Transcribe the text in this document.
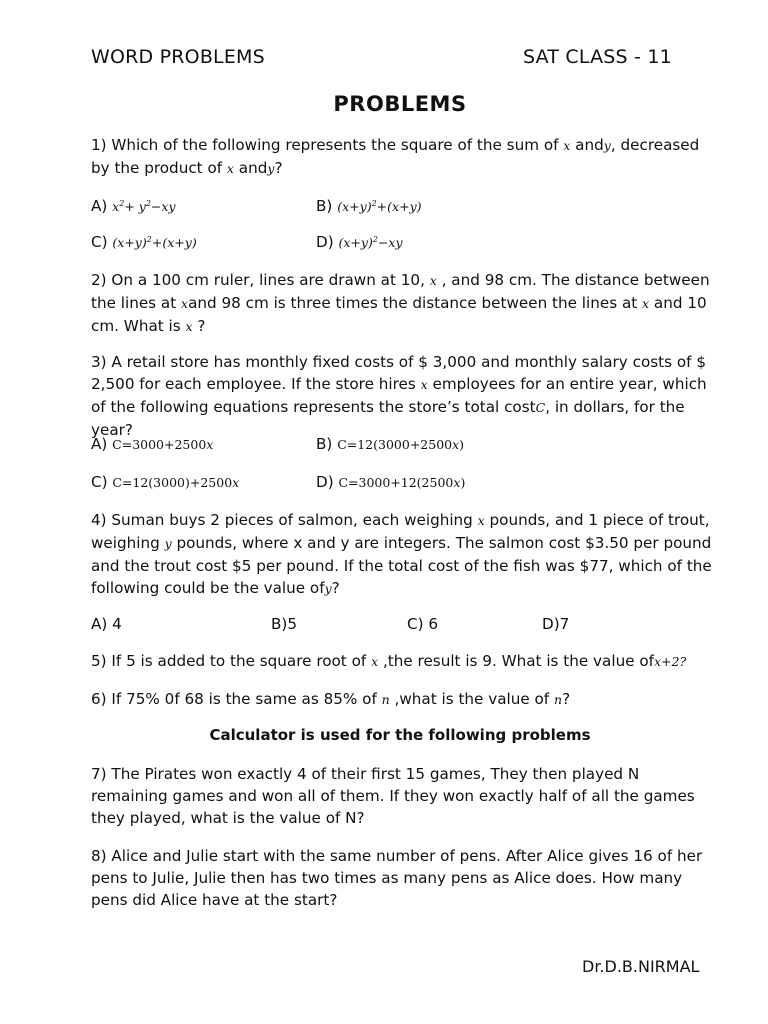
WORD PROBLEMS	SAT CLASS - 11
PROBLEMS
1) Which of the following represents the square of the sum of x andy, decreased by the product of x andy?
A) $x^2+ y^2-xy$	B) $(x+y)^2+(x+y)$
C) $(x+y)^2+(x+y)$	D) $(x+y)^2-xy$
2) On a 100 cm ruler, lines are drawn at 10, x , and 98 cm. The distance between the lines at xand 98 cm is three times the distance between the lines at x and 10 cm. What is x ?
3) A retail store has monthly fixed costs of $ 3,000 and monthly salary costs of $ 2,500 for each employee. If the store hires x employees for an entire year, which of the following equations represents the store’s total costC, in dollars, for the year?
A) C=3000+2500x	B) C=12(3000+2500x)
C) C=12(3000)+2500x	D) C=3000+12(2500x)
4) Suman buys 2 pieces of salmon, each weighing x pounds, and 1 piece of trout, weighing y pounds, where x and y are integers. The salmon cost $3.50 per pound and the trout cost $5 per pound. If the total cost of the fish was $77, which of the following could be the value ofy?
A) 4	B)5	C) 6	D)7
5) If 5 is added to the square root of x ,the result is 9. What is the value ofx+2?
6) If 75% 0f 68 is the same as 85% of n ,what is the value of n?
Calculator is used for the following problems
7) The Pirates won exactly 4 of their first 15 games, They then played N remaining games and won all of them. If they won exactly half of all the games they played, what is the value of N?
8) Alice and Julie start with the same number of pens. After Alice gives 16 of her pens to Julie, Julie then has two times as many pens as Alice does. How many pens did Alice have at the start?
Dr.D.B.NIRMAL
